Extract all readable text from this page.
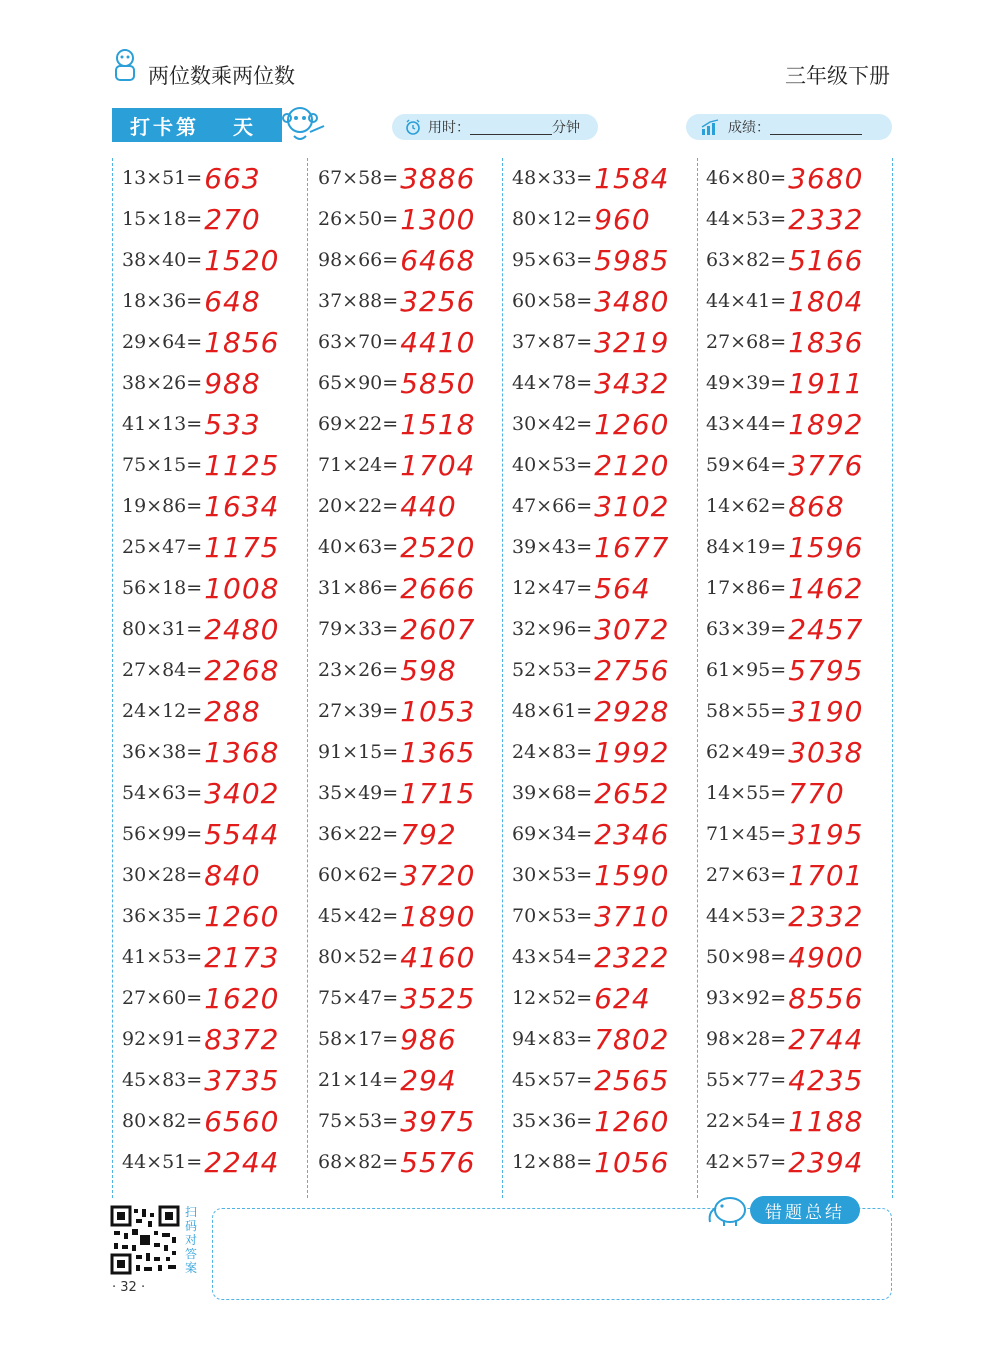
两位数乘两位数	三年级下册
打卡第 天	用时：	分钟	成绩：
13×51= 663
15×18= 270
38×40= 1520
18×36= 648
29×64= 1856
38×26= 988
41×13= 533
75×15= 1125
19×86= 1634
25×47= 1175
56×18= 1008
80×31= 2480
27×84= 2268
24×12= 288
36×38= 1368
54×63= 3402
56×99= 5544
30×28= 840
36×35= 1260
41×53= 2173
27×60= 1620
92×91= 8372
45×83= 3735
80×82= 6560
44×51= 2244
67×58= 3886
26×50= 1300
98×66= 6468
37×88= 3256
63×70= 4410
65×90= 5850
69×22= 1518
71×24= 1704
20×22= 440
40×63= 2520
31×86= 2666
79×33= 2607
23×26= 598
27×39= 1053
91×15= 1365
35×49= 1715
36×22= 792
60×62= 3720
45×42= 1890
80×52= 4160
75×47= 3525
58×17= 986
21×14= 294
75×53= 3975
68×82= 5576
48×33= 1584
80×12= 960
95×63= 5985
60×58= 3480
37×87= 3219
44×78= 3432
30×42= 1260
40×53= 2120
47×66= 3102
39×43= 1677
12×47= 564
32×96= 3072
52×53= 2756
48×61= 2928
24×83= 1992
39×68= 2652
69×34= 2346
30×53= 1590
70×53= 3710
43×54= 2322
12×52= 624
94×83= 7802
45×57= 2565
35×36= 1260
12×88= 1056
46×80= 3680
44×53= 2332
63×82= 5166
44×41= 1804
27×68= 1836
49×39= 1911
43×44= 1892
59×64= 3776
14×62= 868
84×19= 1596
17×86= 1462
63×39= 2457
61×95= 5795
58×55= 3190
62×49= 3038
14×55= 770
71×45= 3195
27×63= 1701
44×53= 2332
50×98= 4900
93×92= 8556
98×28= 2744
55×77= 4235
22×54= 1188
42×57= 2394
扫码对答案
· 32 ·
错题总结
